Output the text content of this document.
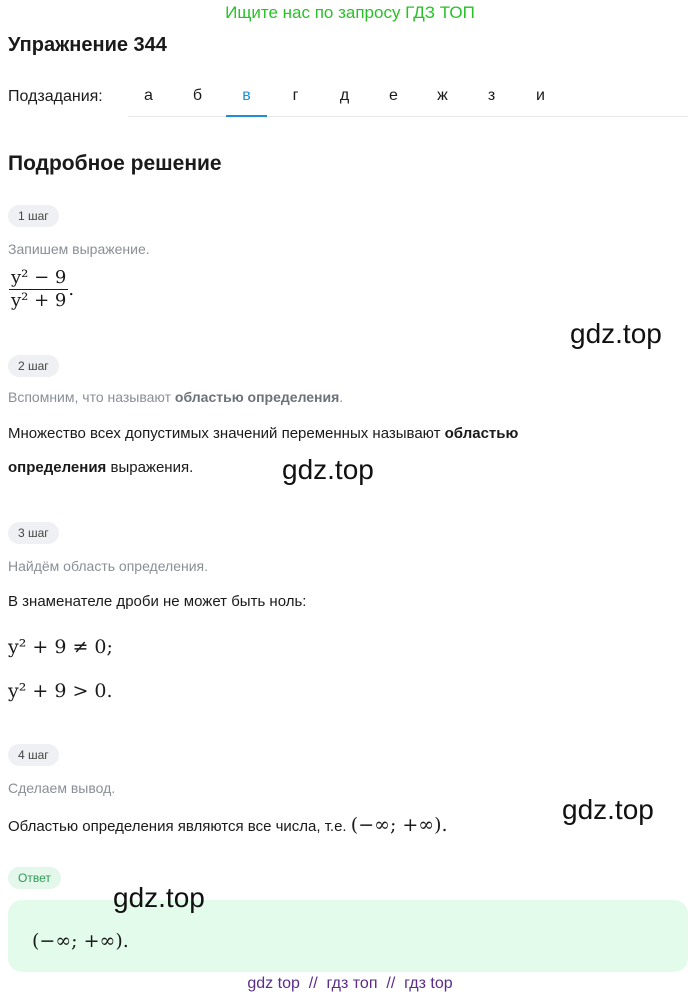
Ищите нас по запросу ГДЗ ТОП
Упражнение 344
Подзадания:	а	б	в	г	д	е	ж	з	и
Подробное решение
1 шаг
Запишем выражение.
$\frac{\text{y² − 9}}{\text{y² + 9}}$ .
gdz.top
2 шаг
Вспомним, что называют областью определения.
Множество всех допустимых значений переменных называют областью
определения выражения.	gdz.top
3 шаг
Найдём область определения.
В знаменателе дроби не может быть ноль:
y² + 9 ≠ 0;
y² + 9 > 0.
4 шаг
Сделаем вывод.
Областью определения являются все числа, т.е. (−∞; +∞).	gdz.top
Ответ
(−∞; +∞).
gdz.top
gdz top  //  гдз топ  //  гдз top
